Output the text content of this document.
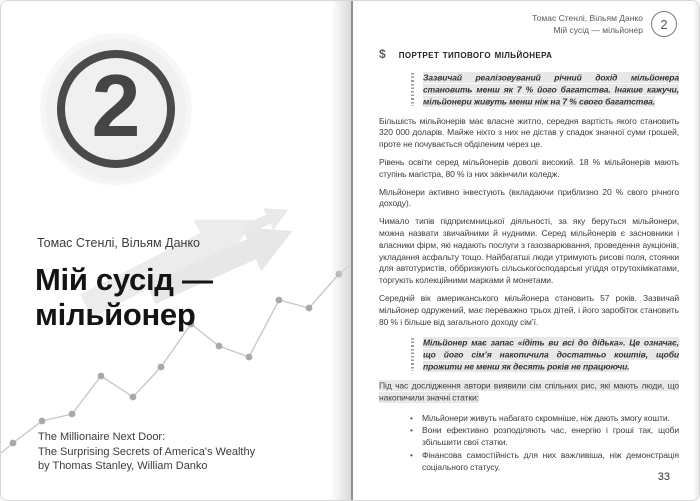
2
Томас Стенлі, Вільям Данко
Мій сусід —
мільйонер
The Millionaire Next Door:
The Surprising Secrets of America's Wealthy
by Thomas Stanley, William Danko
Томас Стенлі, Вільям Данко
Мій сусід — мільйонер 2
$ портрет типового мільйонера

Зазвичай реалізовуваний річний дохід мільйонера становить менш як 7 % його багатства. Інакше кажучи, мільйонери живуть менш ніж на 7 % свого багатства.

Більшість мільйонерів має власне житло, середня вартість якого становить 320 000 доларів. Майже ніхто з них не дістав у спадок значної суми грошей, проте не почувається обділеним через це.

Рівень освіти серед мільйонерів доволі високий. 18 % мільйонерів мають ступінь магістра, 80 % із них закінчили коледж.

Мільйонери активно інвестують (вкладаючи приблизно 20 % свого річного доходу).

Чимало типів підприємницької діяльності, за яку беруться мільйонери, можна назвати звичайними й нудними. Серед мільйонерів є засновники і власники фірм, які надають послуги з газозварювання, проведення аукціонів, укладання асфальту тощо. Найбагатші люди утримують рисові поля, стоянки для автотуристів, оббризкують сільськогосподарські угіддя отрутохімікатами, торгують колекційними марками й монетами.

Середній вік американського мільйонера становить 57 років. Зазвичай мільйонер одружений, має переважно трьох дітей, і його заробіток становить 80 % і більше від загального доходу сім’ї.

Мільйонер має запас «ідіть ви всі до дідька». Це означає, що його сім’я накопичила достатньо коштів, щоби прожити не менш як десять років не працюючи.

Під час дослідження автори виявили сім спільних рис, які мають люди, що накопичили значні статки:

• Мільйонери живуть набагато скромніше, ніж дають змогу кошти.
• Вони ефективно розподіляють час, енергію і гроші так, щоби збільшити свої статки.
• Фінансова самостійність для них важливіша, ніж демонстрація соціального статусу.
33
